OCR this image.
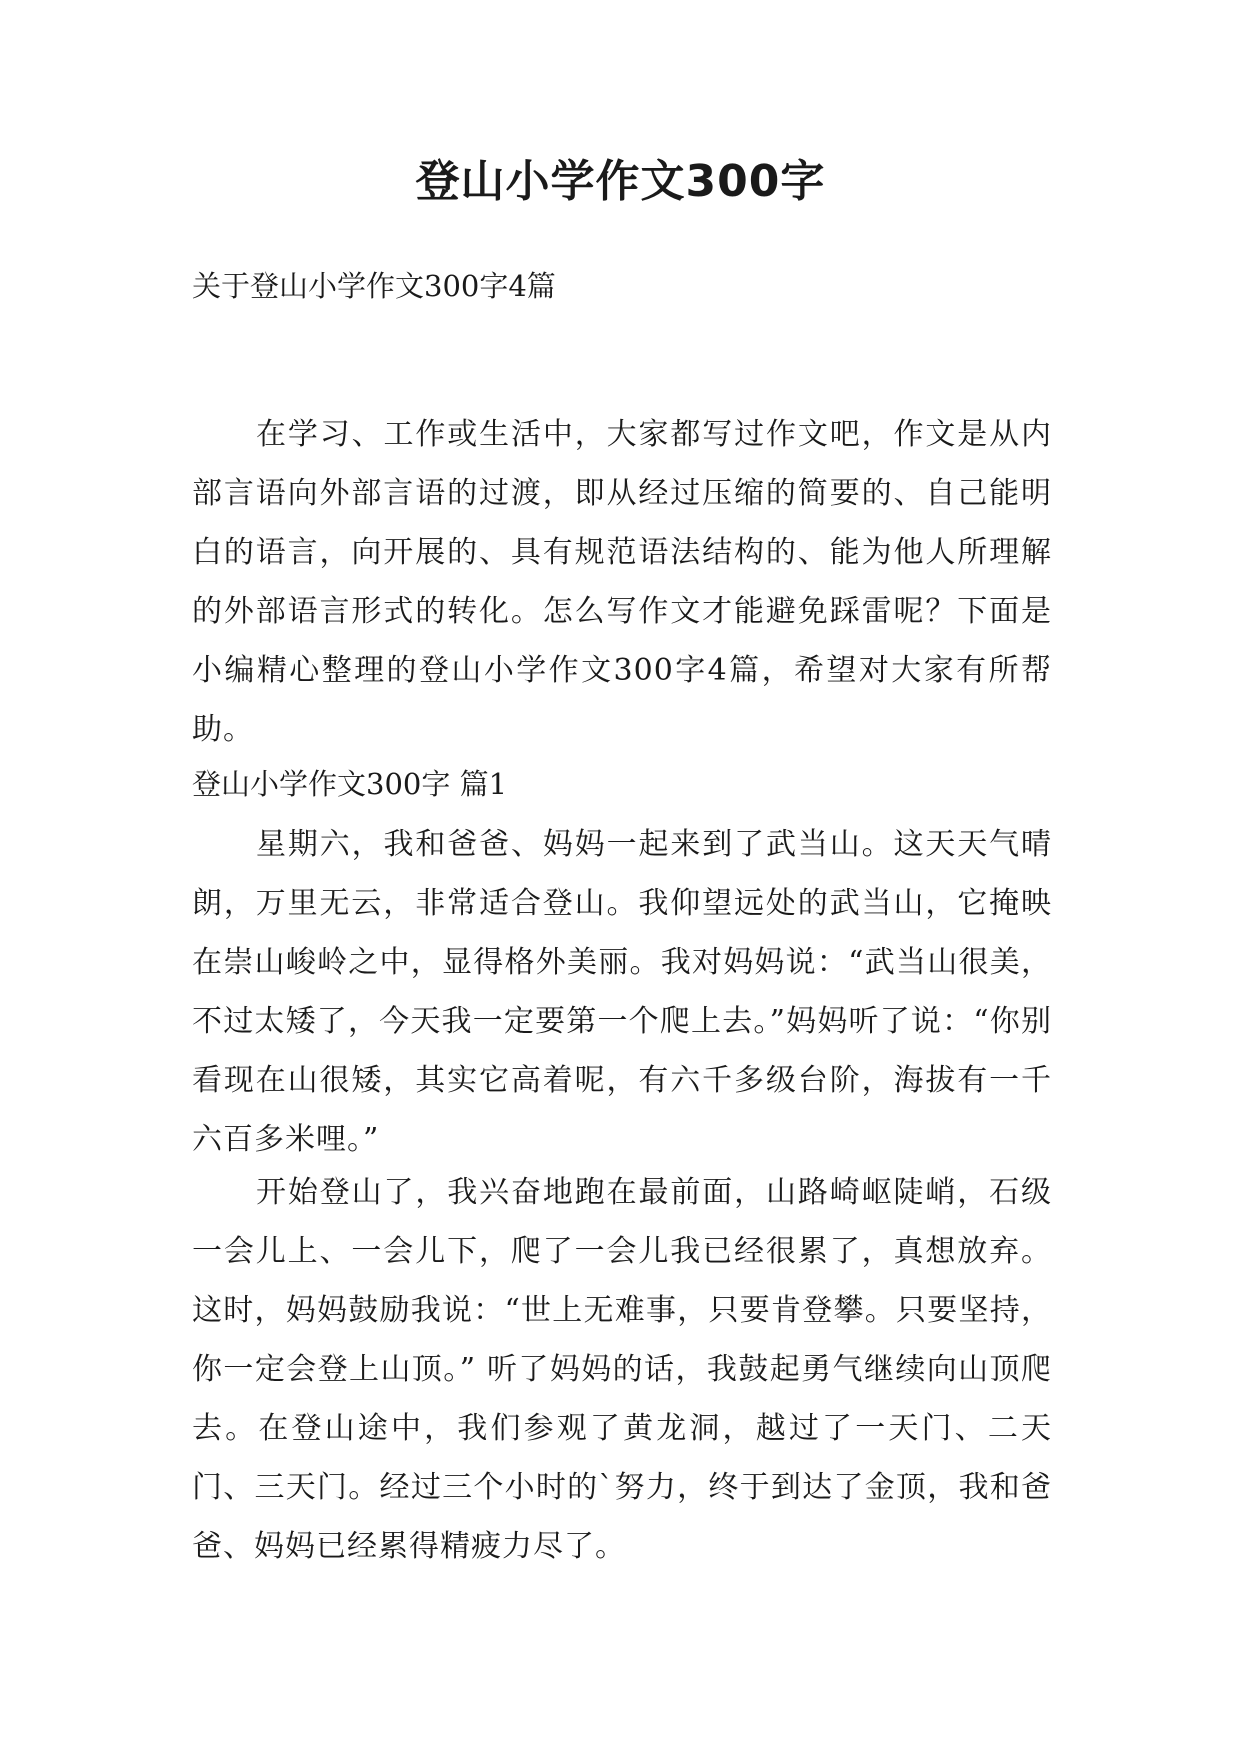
登山小学作文300字
关于登山小学作文300字4篇
在学习、工作或生活中，大家都写过作文吧，作文是从内部言语向外部言语的过渡，即从经过压缩的简要的、自己能明白的语言，向开展的、具有规范语法结构的、能为他人所理解的外部语言形式的转化。怎么写作文才能避免踩雷呢？下面是小编精心整理的登山小学作文300字4篇，希望对大家有所帮助。
登山小学作文300字 篇1
星期六，我和爸爸、妈妈一起来到了武当山。这天天气晴朗，万里无云，非常适合登山。我仰望远处的武当山，它掩映在崇山峻岭之中，显得格外美丽。我对妈妈说：“武当山很美，不过太矮了，今天我一定要第一个爬上去。”妈妈听了说：“你别看现在山很矮，其实它高着呢，有六千多级台阶，海拔有一千六百多米哩。”
开始登山了，我兴奋地跑在最前面，山路崎岖陡峭，石级一会儿上、一会儿下，爬了一会儿我已经很累了，真想放弃。这时，妈妈鼓励我说：“世上无难事，只要肯登攀。只要坚持，你一定会登上山顶。” 听了妈妈的话，我鼓起勇气继续向山顶爬去。在登山途中，我们参观了黄龙洞，越过了一天门、二天门、三天门。经过三个小时的`努力，终于到达了金顶，我和爸爸、妈妈已经累得精疲力尽了。
